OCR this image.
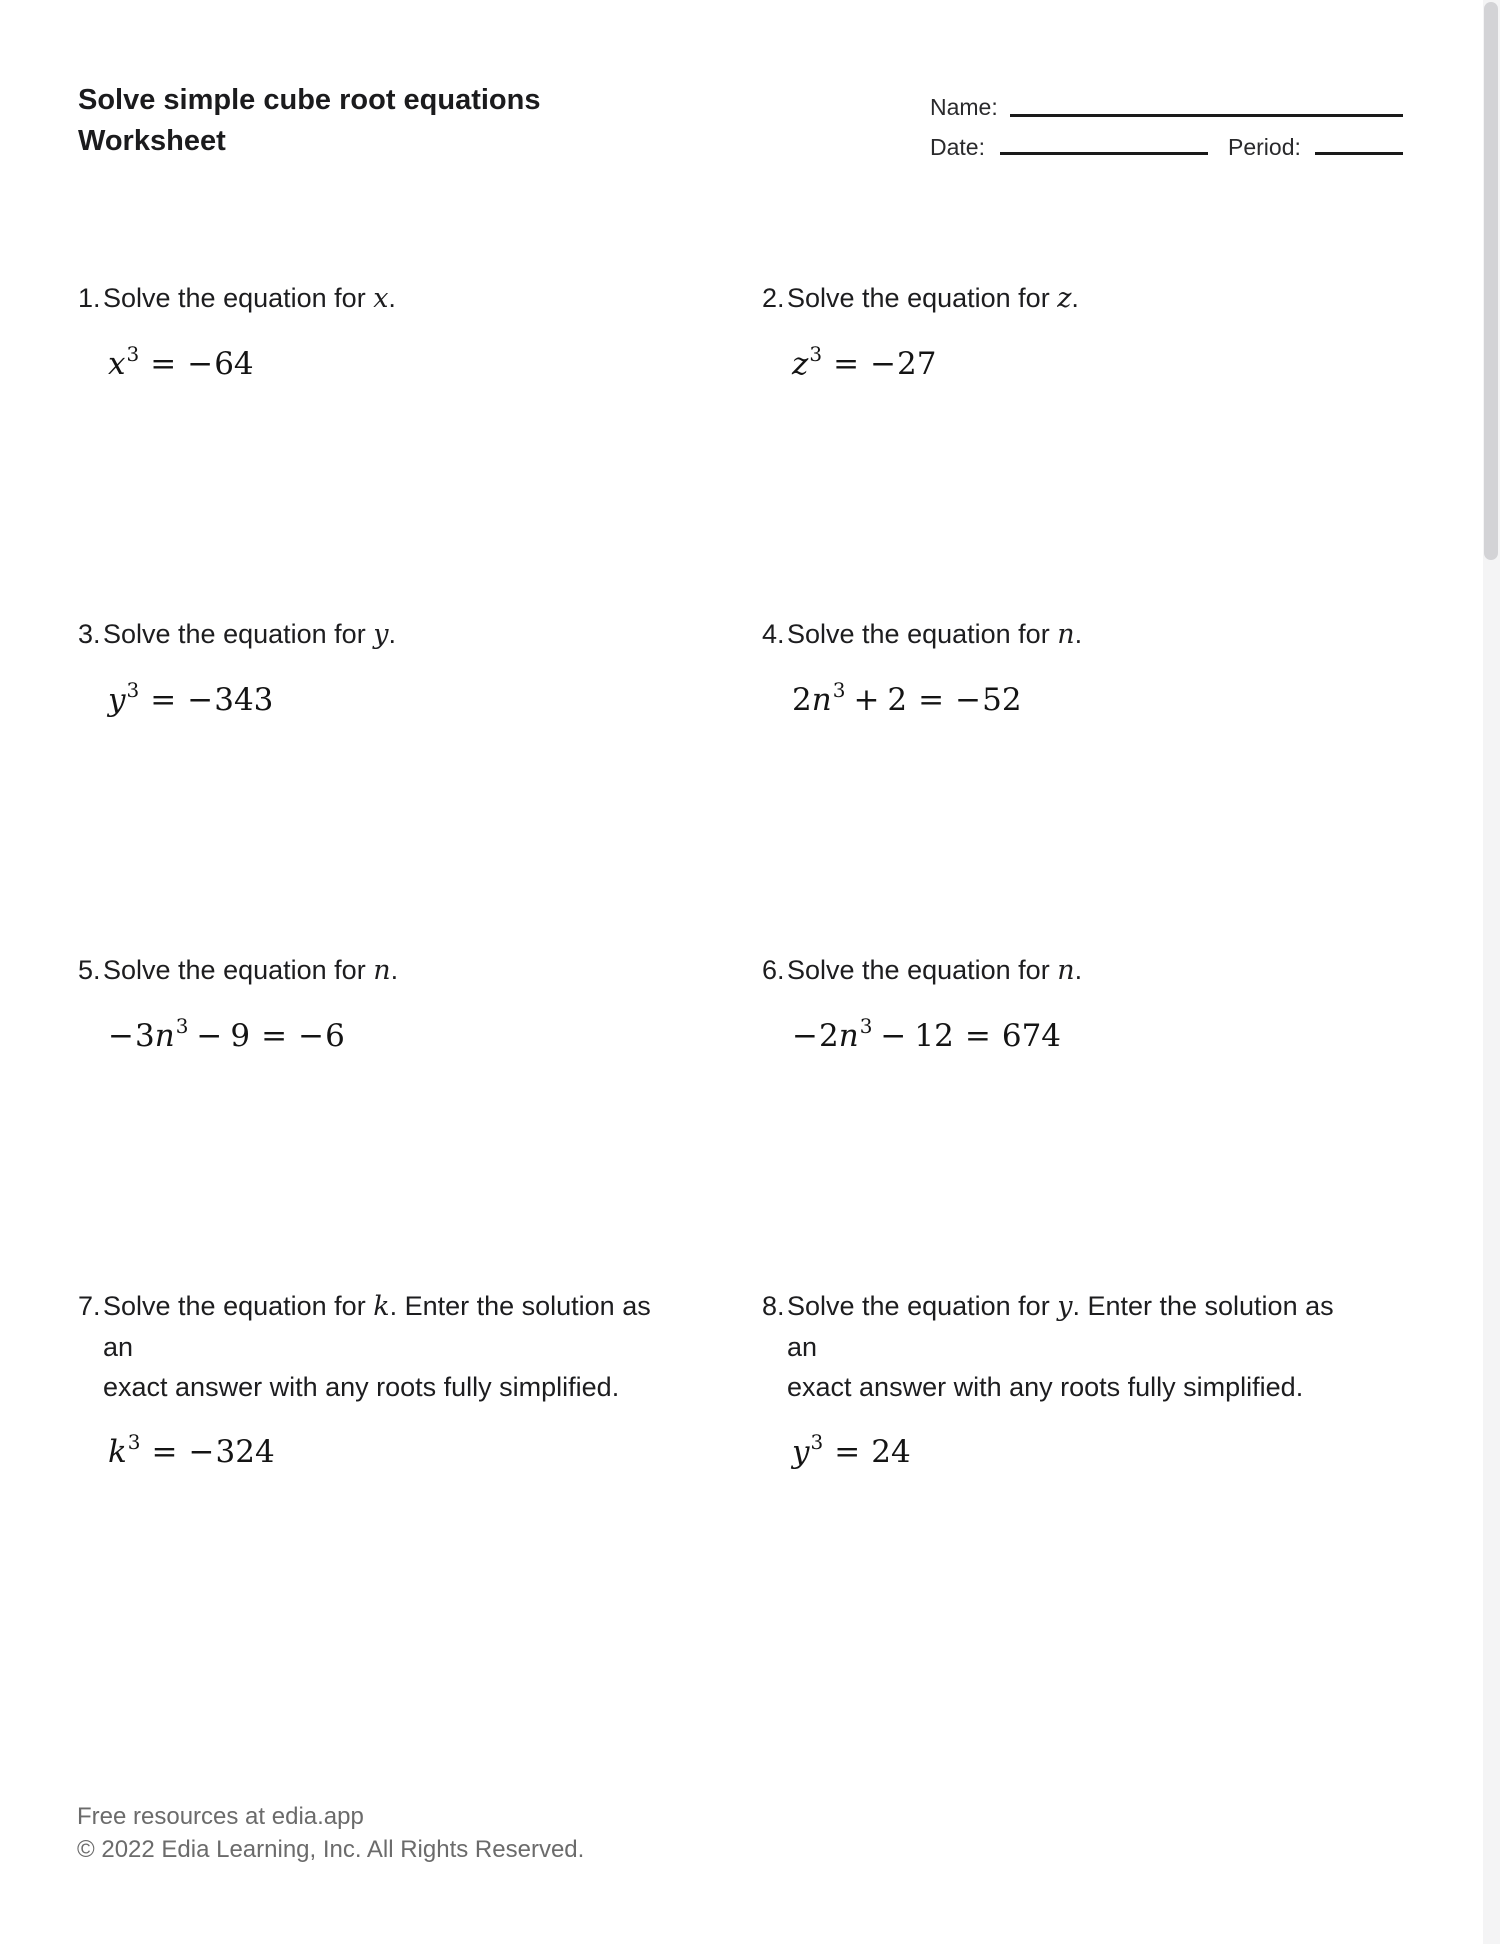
Solve simple cube root equations
Worksheet
Name:
Date:	Period:
1. Solve the equation for x.
$x^3 = -64$
2. Solve the equation for z.
$z^3 = -27$
3. Solve the equation for y.
$y^3 = -343$
4. Solve the equation for n.
$2n^3 + 2 = -52$
5. Solve the equation for n.
$-3n^3 - 9 = -6$
6. Solve the equation for n.
$-2n^3 - 12 = 674$
7. Solve the equation for k. Enter the solution as an
exact answer with any roots fully simplified.
$k^3 = -324$
8. Solve the equation for y. Enter the solution as an
exact answer with any roots fully simplified.
$y^3 = 24$
Free resources at edia.app
© 2022 Edia Learning, Inc. All Rights Reserved.
